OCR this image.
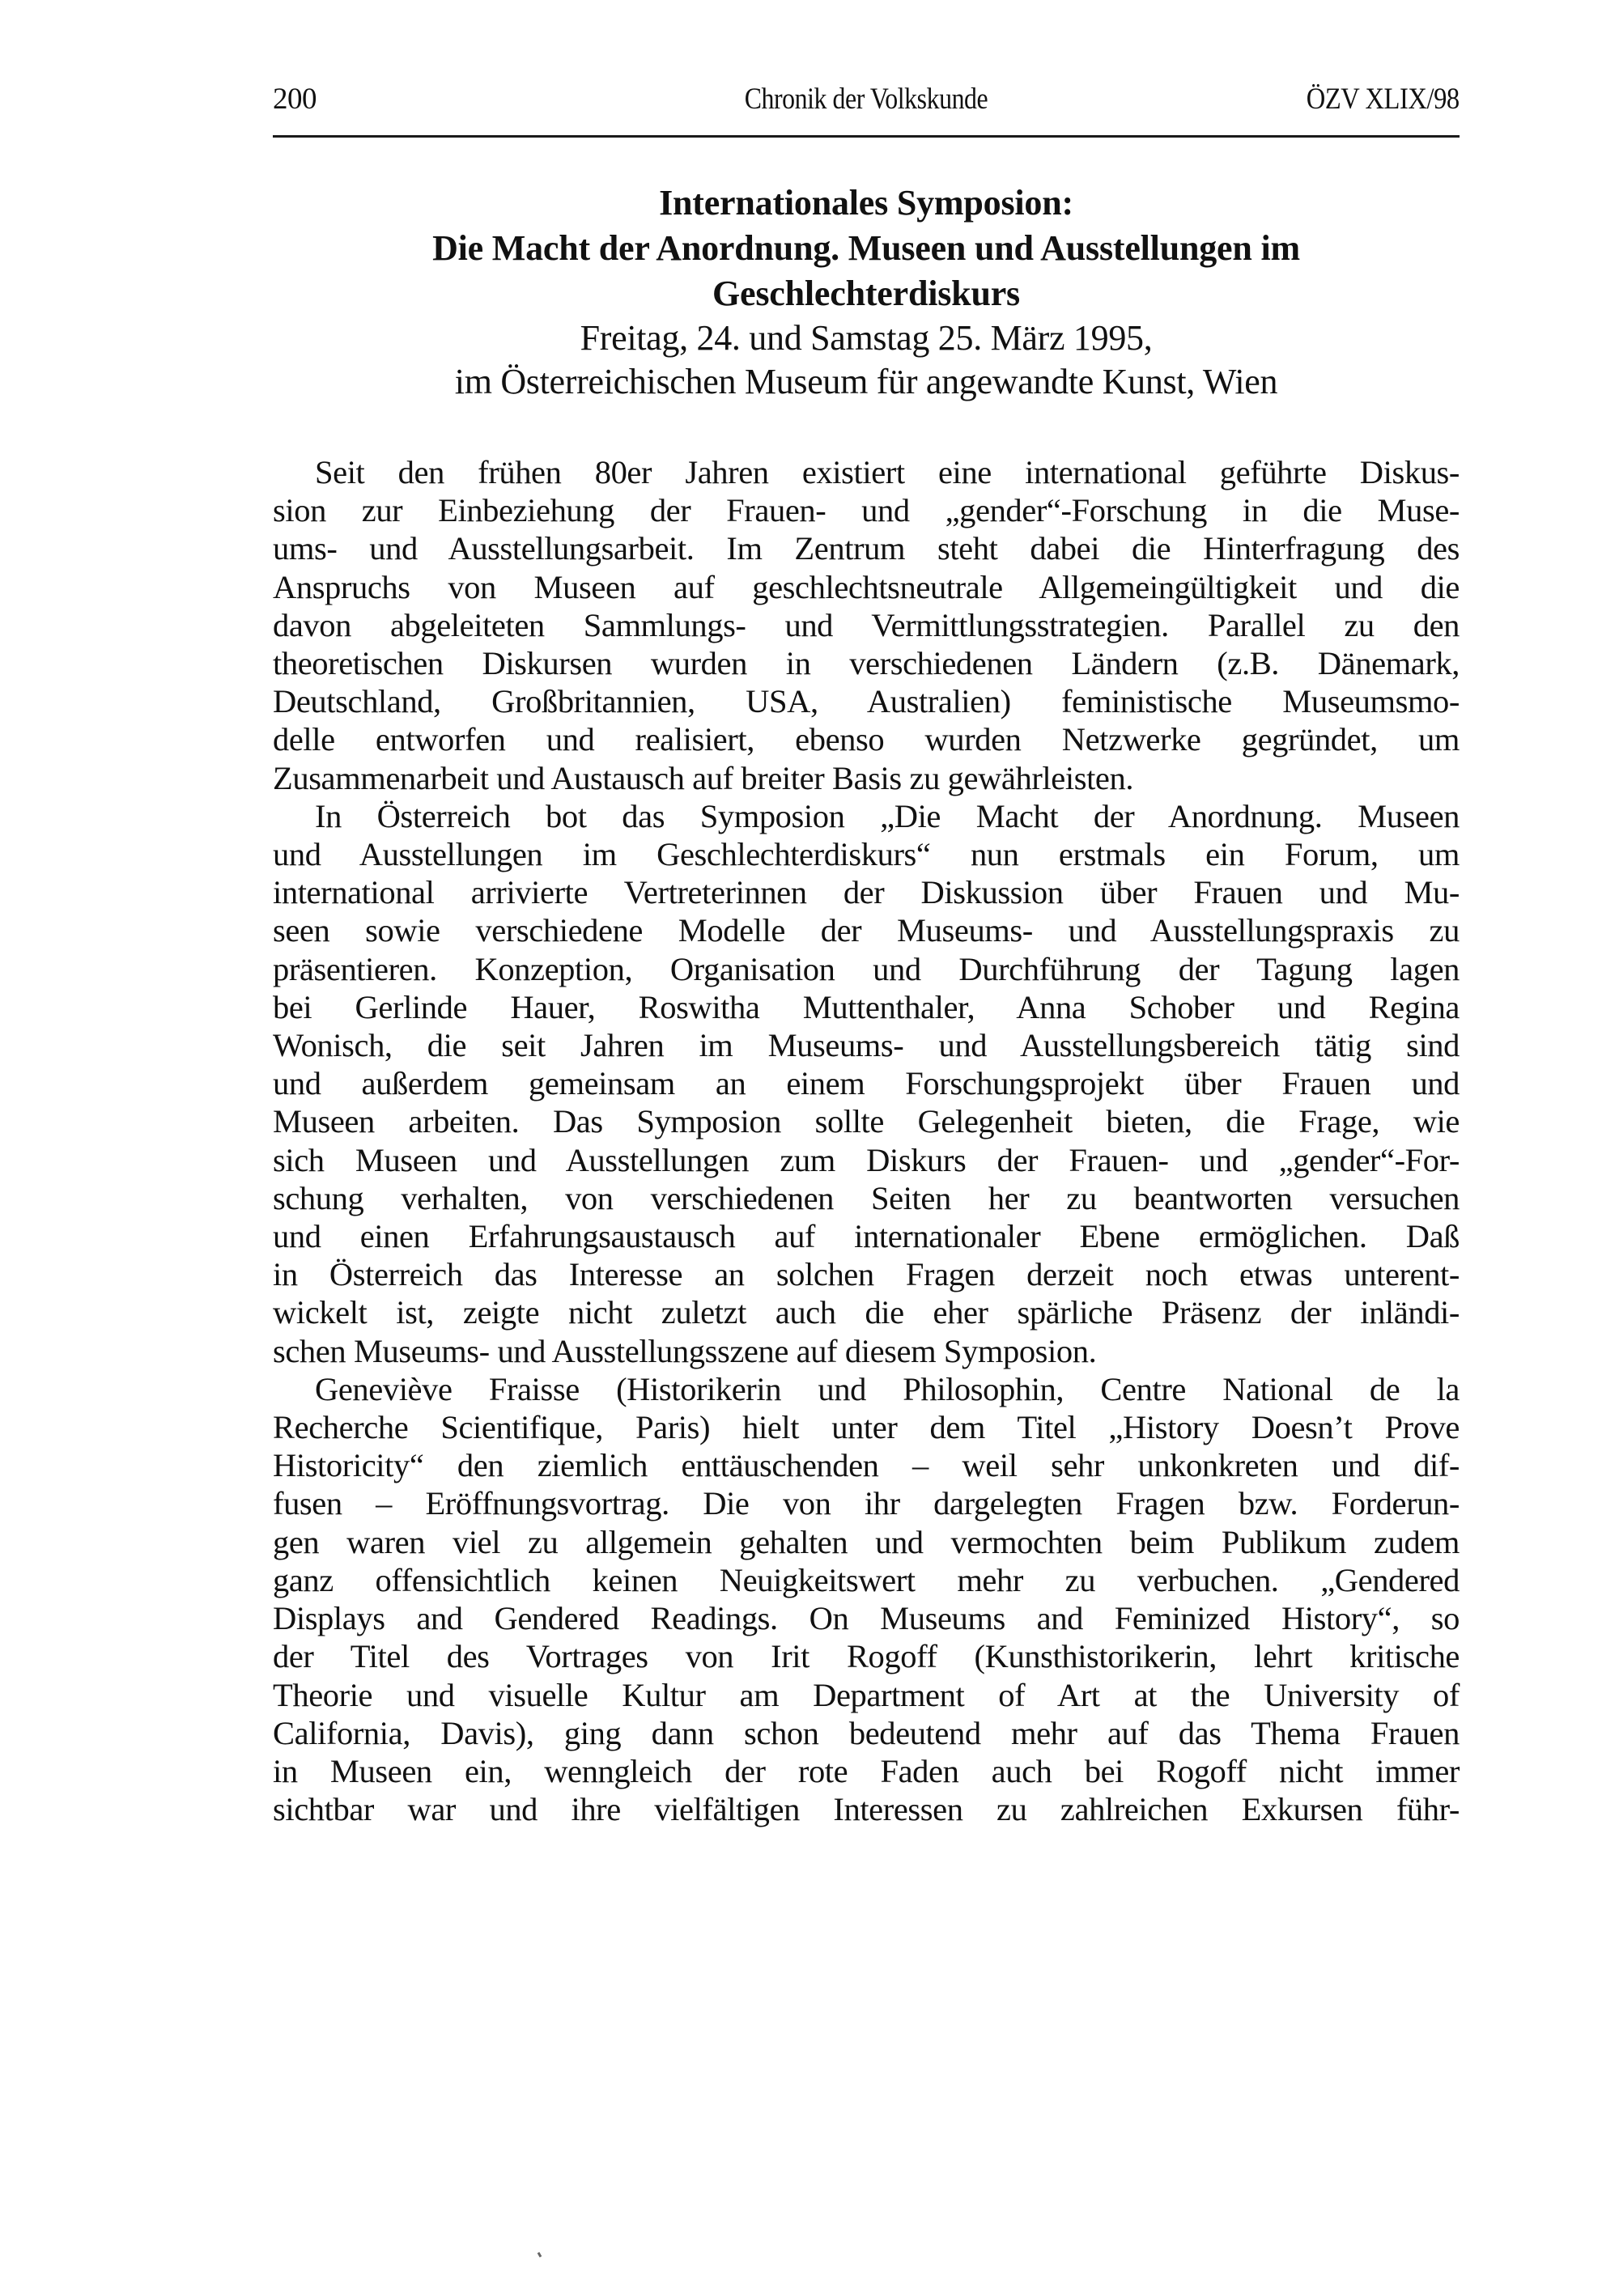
200	Chronik der Volkskunde	ÖZV XLIX/98
Internationales Symposion:
Die Macht der Anordnung. Museen und Ausstellungen im
Geschlechterdiskurs
Freitag, 24. und Samstag 25. März 1995,
im Österreichischen Museum für angewandte Kunst, Wien
Seit den frühen 80er Jahren existiert eine international geführte Diskus-
sion zur Einbeziehung der Frauen- und „gender“-Forschung in die Muse-
ums- und Ausstellungsarbeit. Im Zentrum steht dabei die Hinterfragung des
Anspruchs von Museen auf geschlechtsneutrale Allgemeingültigkeit und die
davon abgeleiteten Sammlungs- und Vermittlungsstrategien. Parallel zu den
theoretischen Diskursen wurden in verschiedenen Ländern (z.B. Dänemark,
Deutschland, Großbritannien, USA, Australien) feministische Museumsmo-
delle entworfen und realisiert, ebenso wurden Netzwerke gegründet, um
Zusammenarbeit und Austausch auf breiter Basis zu gewährleisten.
In Österreich bot das Symposion „Die Macht der Anordnung. Museen
und Ausstellungen im Geschlechterdiskurs“ nun erstmals ein Forum, um
international arrivierte Vertreterinnen der Diskussion über Frauen und Mu-
seen sowie verschiedene Modelle der Museums- und Ausstellungspraxis zu
präsentieren. Konzeption, Organisation und Durchführung der Tagung lagen
bei Gerlinde Hauer, Roswitha Muttenthaler, Anna Schober und Regina
Wonisch, die seit Jahren im Museums- und Ausstellungsbereich tätig sind
und außerdem gemeinsam an einem Forschungsprojekt über Frauen und
Museen arbeiten. Das Symposion sollte Gelegenheit bieten, die Frage, wie
sich Museen und Ausstellungen zum Diskurs der Frauen- und „gender“-For-
schung verhalten, von verschiedenen Seiten her zu beantworten versuchen
und einen Erfahrungsaustausch auf internationaler Ebene ermöglichen. Daß
in Österreich das Interesse an solchen Fragen derzeit noch etwas unterent-
wickelt ist, zeigte nicht zuletzt auch die eher spärliche Präsenz der inländi-
schen Museums- und Ausstellungsszene auf diesem Symposion.
Geneviève Fraisse (Historikerin und Philosophin, Centre National de la
Recherche Scientifique, Paris) hielt unter dem Titel „History Doesn’t Prove
Historicity“ den ziemlich enttäuschenden – weil sehr unkonkreten und dif-
fusen – Eröffnungsvortrag. Die von ihr dargelegten Fragen bzw. Forderun-
gen waren viel zu allgemein gehalten und vermochten beim Publikum zudem
ganz offensichtlich keinen Neuigkeitswert mehr zu verbuchen. „Gendered
Displays and Gendered Readings. On Museums and Feminized History“, so
der Titel des Vortrages von Irit Rogoff (Kunsthistorikerin, lehrt kritische
Theorie und visuelle Kultur am Department of Art at the University of
California, Davis), ging dann schon bedeutend mehr auf das Thema Frauen
in Museen ein, wenngleich der rote Faden auch bei Rogoff nicht immer
sichtbar war und ihre vielfältigen Interessen zu zahlreichen Exkursen führ-
